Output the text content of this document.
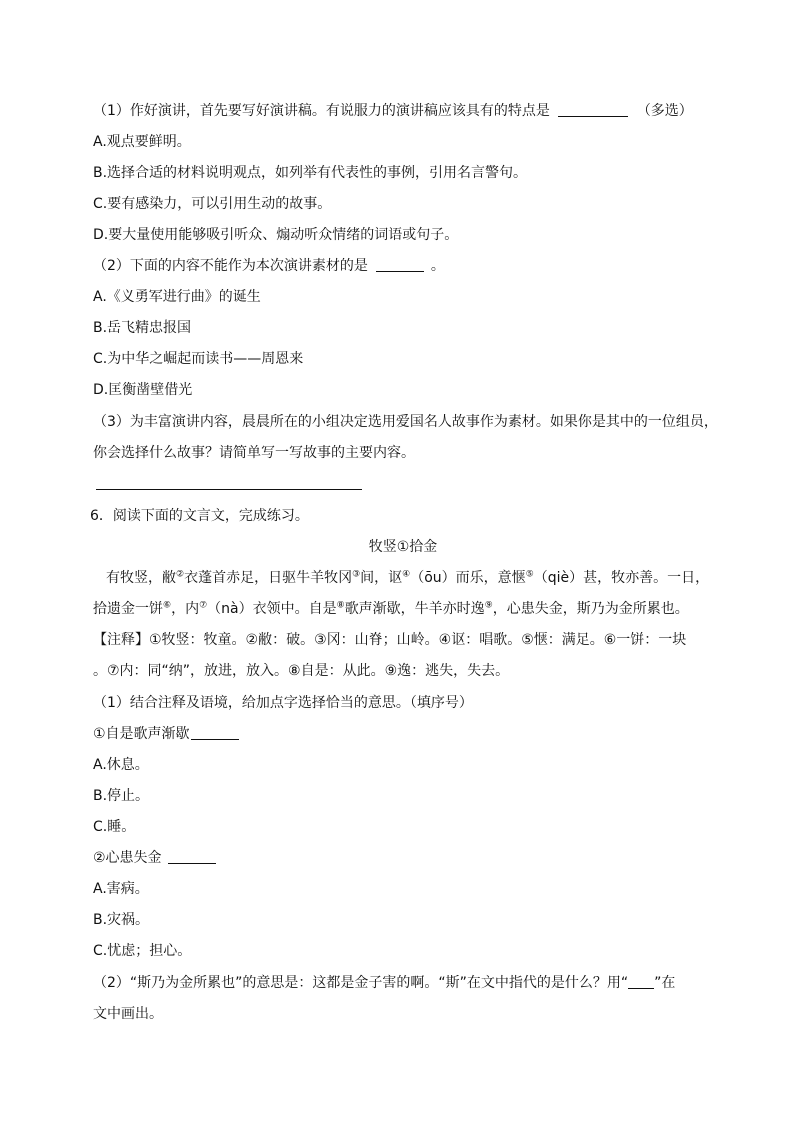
（1）作好演讲，首先要写好演讲稿。有说服力的演讲稿应该具有的特点是	（多选）
A.观点要鲜明。
B.选择合适的材料说明观点，如列举有代表性的事例，引用名言警句。
C.要有感染力，可以引用生动的故事。
D.要大量使用能够吸引听众、煽动听众情绪的词语或句子。
（2）下面的内容不能作为本次演讲素材的是	。
A.《义勇军进行曲》的诞生
B.岳飞精忠报国
C.为中华之崛起而读书——周恩来
D.匡衡凿壁借光
（3）为丰富演讲内容，晨晨所在的小组决定选用爱国名人故事作为素材。如果你是其中的一位组员，
你会选择什么故事？请简单写一写故事的主要内容。
6．阅读下面的文言文，完成练习。
牧竖①拾金
有牧竖，敝②衣蓬首赤足，日驱牛羊牧冈③间，讴④（ōu）而乐，意惬⑤（qiè）甚，牧亦善。一日，
拾遗金一饼⑥，内⑦（nà）衣领中。自是⑧歌声渐歇，牛羊亦时逸⑨，心患失金，斯乃为金所累也。
【注释】①牧竖：牧童。②敝：破。③冈：山脊；山岭。④讴：唱歌。⑤惬：满足。⑥一饼：一块
。⑦内：同“纳”，放进，放入。⑧自是：从此。⑨逸：逃失，失去。
（1）结合注释及语境，给加点字选择恰当的意思。（填序号）
①自是歌声渐歇
A.休息。
B.停止。
C.睡。
②心患失金
A.害病。
B.灾祸。
C.忧虑；担心。
（2）“斯乃为金所累也”的意思是：这都是金子害的啊。“斯”在文中指代的是什么？用“ ”在
文中画出。
